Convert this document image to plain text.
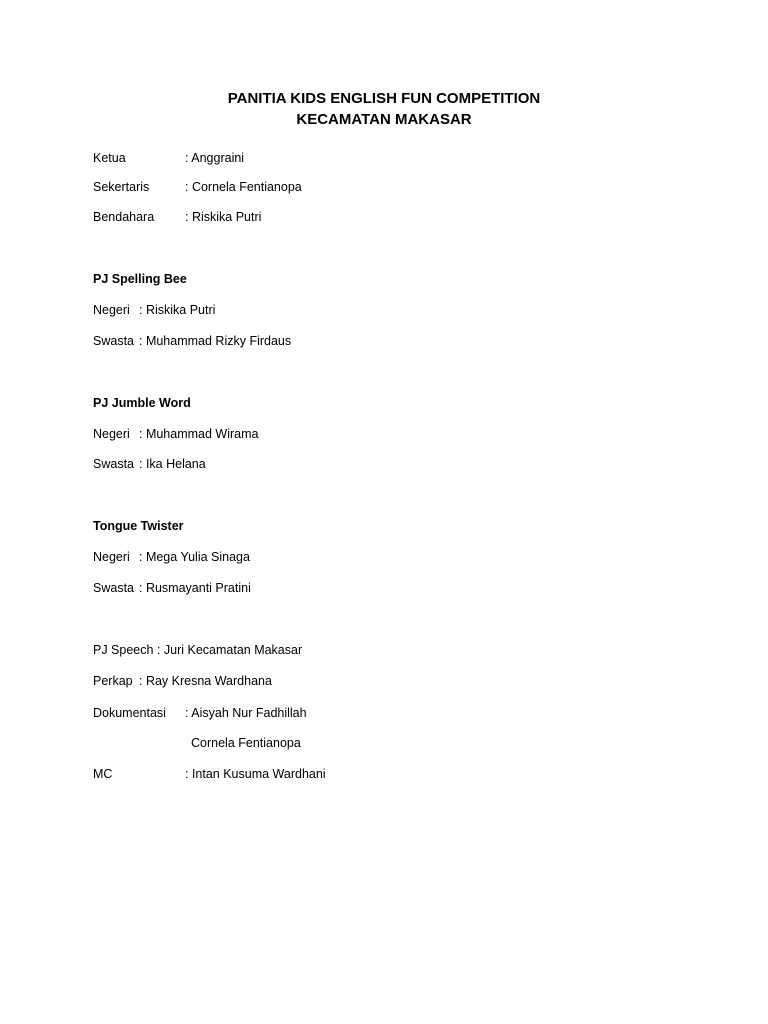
PANITIA KIDS ENGLISH FUN COMPETITION
KECAMATAN MAKASAR
Ketua	: Anggraini
Sekertaris	: Cornela Fentianopa
Bendahara : Riskika Putri
PJ Spelling Bee
Negeri : Riskika Putri
Swasta : Muhammad Rizky Firdaus
PJ Jumble Word
Negeri : Muhammad Wirama
Swasta : Ika Helana
Tongue Twister
Negeri : Mega Yulia Sinaga
Swasta : Rusmayanti Pratini
PJ Speech : Juri Kecamatan Makasar
Perkap : Ray Kresna Wardhana
Dokumentasi : Aisyah Nur Fadhillah
Cornela Fentianopa
MC	: Intan Kusuma Wardhani
